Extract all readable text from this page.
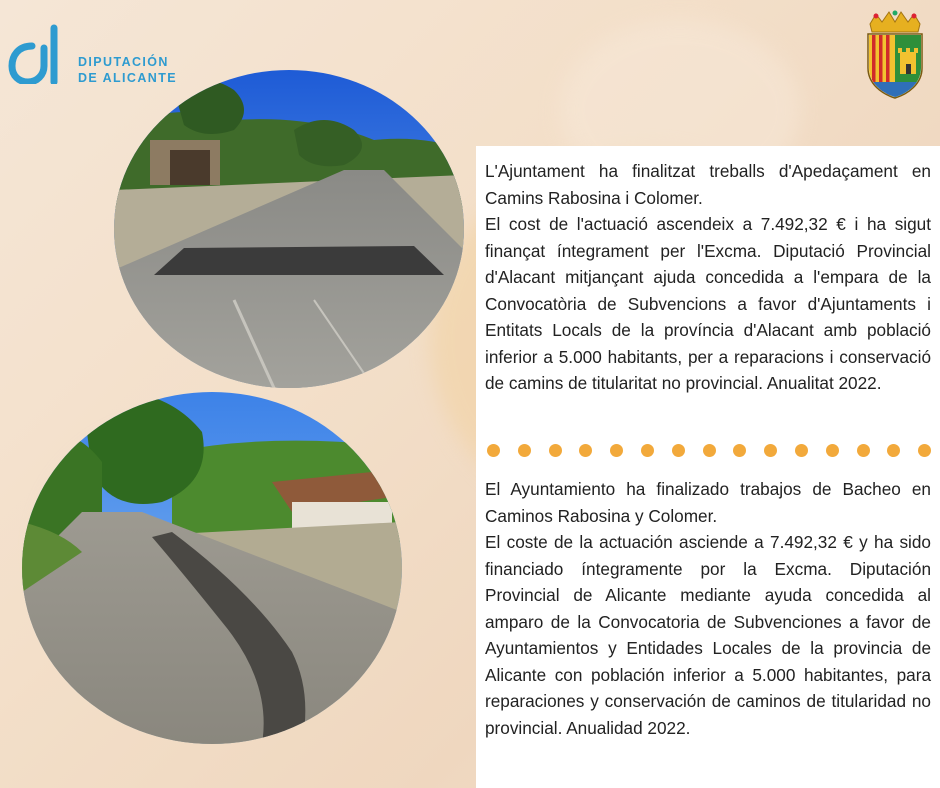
DIPUTACIÓN
DE ALICANTE

L'Ajuntament ha finalitzat treballs d'Apedaçament en Camins Rabosina i Colomer.
El cost de l'actuació ascendeix a 7.492,32 € i ha sigut finançat íntegrament per l'Excma. Diputació Provincial d'Alacant mitjançant ajuda concedida a l'empara de la Convocatòria de Subvencions a favor d'Ajuntaments i Entitats Locals de la província d'Alacant amb població inferior a 5.000 habitants, per a reparacions i conservació de camins de titularitat no provincial. Anualitat 2022.

El Ayuntamiento ha finalizado trabajos de Bacheo en Caminos Rabosina y Colomer.
El coste de la actuación asciende a 7.492,32 € y ha sido financiado íntegramente por la Excma. Diputación Provincial de Alicante mediante ayuda concedida al amparo de la Convocatoria de Subvenciones a favor de Ayuntamientos y Entidades Locales de la provincia de Alicante con población inferior a 5.000 habitantes, para reparaciones y conservación de caminos de titularidad no provincial. Anualidad 2022.
